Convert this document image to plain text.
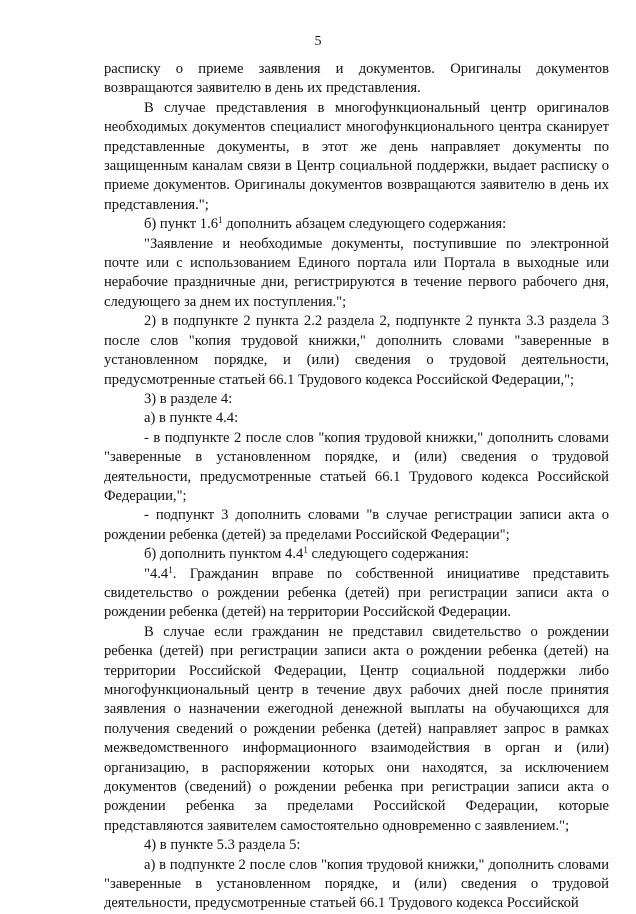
5

расписку о приеме заявления и документов. Оригиналы документов возвращаются заявителю в день их представления.

В случае представления в многофункциональный центр оригиналов необходимых документов специалист многофункционального центра сканирует представленные документы, в этот же день направляет документы по защищенным каналам связи в Центр социальной поддержки, выдает расписку о приеме документов. Оригиналы документов возвращаются заявителю в день их представления.";

б) пункт $1.6^1$ дополнить абзацем следующего содержания:

"Заявление и необходимые документы, поступившие по электронной почте или с использованием Единого портала или Портала в выходные или нерабочие праздничные дни, регистрируются в течение первого рабочего дня, следующего за днем их поступления.";

2) в подпункте 2 пункта 2.2 раздела 2, подпункте 2 пункта 3.3 раздела 3 после слов "копия трудовой книжки," дополнить словами "заверенные в установленном порядке, и (или) сведения о трудовой деятельности, предусмотренные статьей 66.1 Трудового кодекса Российской Федерации,";

3) в разделе 4:

а) в пункте 4.4:

- в подпункте 2 после слов "копия трудовой книжки," дополнить словами "заверенные в установленном порядке, и (или) сведения о трудовой деятельности, предусмотренные статьей 66.1 Трудового кодекса Российской Федерации,";

- подпункт 3 дополнить словами "в случае регистрации записи акта о рождении ребенка (детей) за пределами Российской Федерации";

б) дополнить пунктом $4.4^1$ следующего содержания:

"$4.4^1$. Гражданин вправе по собственной инициативе представить свидетельство о рождении ребенка (детей) при регистрации записи акта о рождении ребенка (детей) на территории Российской Федерации.

В случае если гражданин не представил свидетельство о рождении ребенка (детей) при регистрации записи акта о рождении ребенка (детей) на территории Российской Федерации, Центр социальной поддержки либо многофункциональный центр в течение двух рабочих дней после принятия заявления о назначении ежегодной денежной выплаты на обучающихся для получения сведений о рождении ребенка (детей) направляет запрос в рамках межведомственного информационного взаимодействия в орган и (или) организацию, в распоряжении которых они находятся, за исключением документов (сведений) о рождении ребенка при регистрации записи акта о рождении ребенка за пределами Российской Федерации, которые представляются заявителем самостоятельно одновременно с заявлением.";

4) в пункте 5.3 раздела 5:

а) в подпункте 2 после слов "копия трудовой книжки," дополнить словами "заверенные в установленном порядке, и (или) сведения о трудовой деятельности, предусмотренные статьей 66.1 Трудового кодекса Российской
